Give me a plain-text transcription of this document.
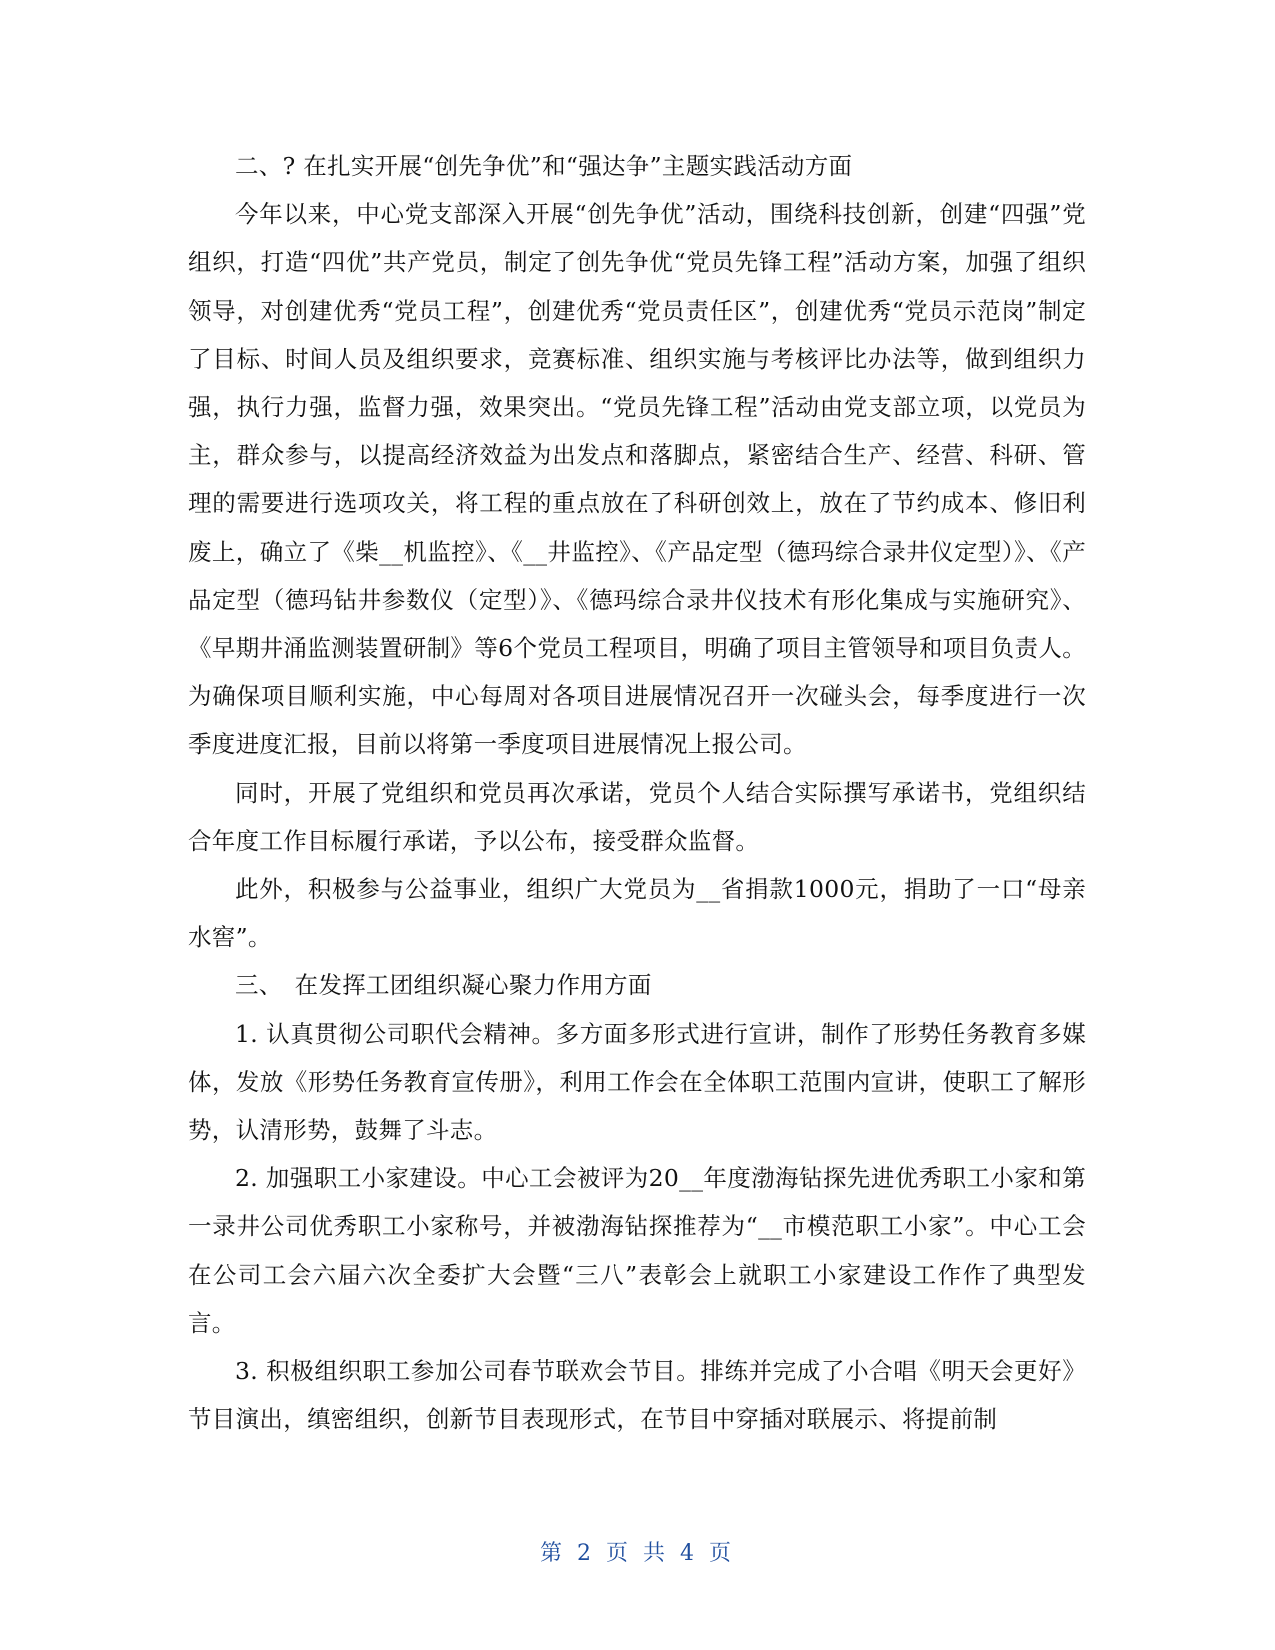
二、? 在扎实开展“创先争优”和“强达争”主题实践活动方面

今年以来，中心党支部深入开展“创先争优”活动，围绕科技创新，创建“四强”党组织，打造“四优”共产党员，制定了创先争优“党员先锋工程”活动方案，加强了组织领导，对创建优秀“党员工程”，创建优秀“党员责任区”，创建优秀“党员示范岗”制定了目标、时间人员及组织要求，竞赛标准、组织实施与考核评比办法等，做到组织力强，执行力强，监督力强，效果突出。“党员先锋工程”活动由党支部立项，以党员为主，群众参与，以提高经济效益为出发点和落脚点，紧密结合生产、经营、科研、管理的需要进行选项攻关，将工程的重点放在了科研创效上，放在了节约成本、修旧利废上，确立了《柴__机监控》、《__井监控》、《产品定型（德玛综合录井仪定型）》、《产品定型（德玛钻井参数仪（定型）》、《德玛综合录井仪技术有形化集成与实施研究》、《早期井涌监测装置研制》等6个党员工程项目，明确了项目主管领导和项目负责人。为确保项目顺利实施，中心每周对各项目进展情况召开一次碰头会，每季度进行一次季度进度汇报，目前以将第一季度项目进展情况上报公司。

同时，开展了党组织和党员再次承诺，党员个人结合实际撰写承诺书，党组织结合年度工作目标履行承诺，予以公布，接受群众监督。

此外，积极参与公益事业，组织广大党员为__省捐款1000元，捐助了一口“母亲水窖”。

三、　在发挥工团组织凝心聚力作用方面

1. 认真贯彻公司职代会精神。多方面多形式进行宣讲，制作了形势任务教育多媒体，发放《形势任务教育宣传册》，利用工作会在全体职工范围内宣讲，使职工了解形势，认清形势，鼓舞了斗志。

2. 加强职工小家建设。中心工会被评为20__年度渤海钻探先进优秀职工小家和第一录井公司优秀职工小家称号，并被渤海钻探推荐为“__市模范职工小家”。中心工会在公司工会六届六次全委扩大会暨“三八”表彰会上就职工小家建设工作作了典型发言。

3. 积极组织职工参加公司春节联欢会节目。排练并完成了小合唱《明天会更好》节目演出，缜密组织，创新节目表现形式，在节目中穿插对联展示、将提前制

第 2 页 共 4 页
